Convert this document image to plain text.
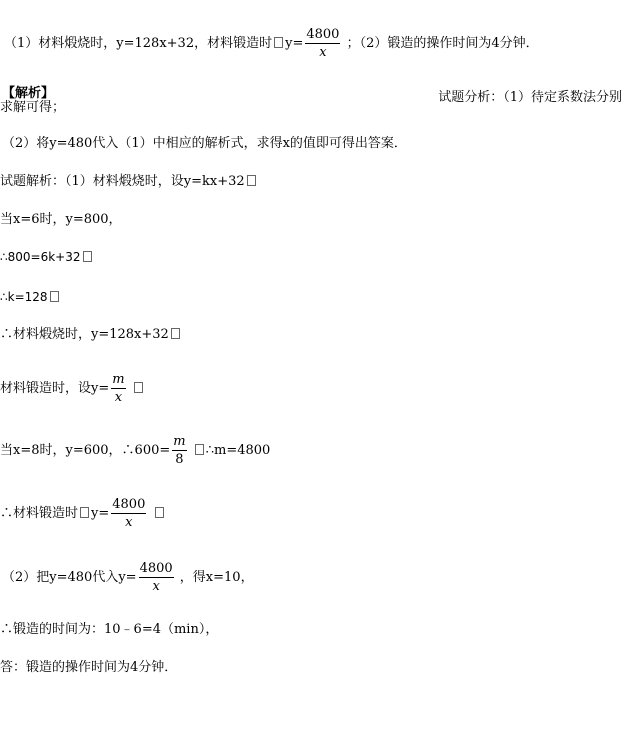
（1）材料煅烧时，y=128x+32，材料锻造时 $y= \frac{4800}{x}$ ；（2）锻造的操作时间为4分钟．
【解析】	试题分析：（1）待定系数法分别
求解可得；
（2）将y=480代入（1）中相应的解析式，求得x的值即可得出答案．
试题解析：（1）材料煅烧时，设y=kx+32
当x=6时，y=800，
∴800=6k+32
∴k=128
∴材料煅烧时，y=128x+32
材料锻造时，设$y= \frac{m}{x}$

当x=8时，y=600，∴600= $\frac{m}{8}$ ∴m=4800
∴材料锻造时 $y= \frac{4800}{x}$

（2）把y=480代入$y= \frac{4800}{x}$ ，得x=10，
∴锻造的时间为：10﹣6=4（min），
答：锻造的操作时间为4分钟．
